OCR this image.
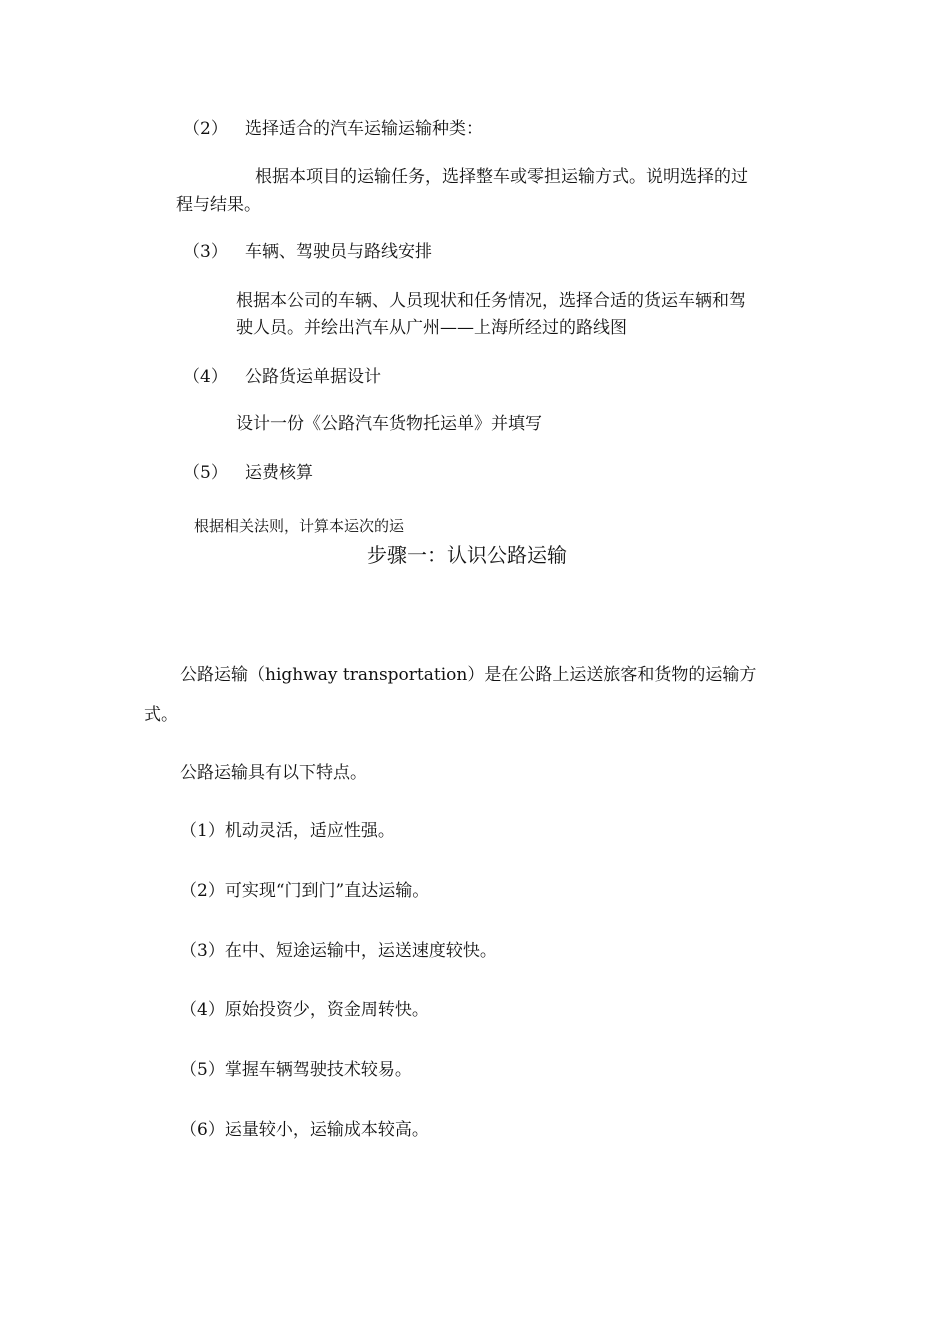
（2） 选择适合的汽车运输运输种类：
根据本项目的运输任务，选择整车或零担运输方式。说明选择的过
程与结果。
（3） 车辆、驾驶员与路线安排
根据本公司的车辆、人员现状和任务情况，选择合适的货运车辆和驾
驶人员。并绘出汽车从广州——上海所经过的路线图
（4） 公路货运单据设计
设计一份《公路汽车货物托运单》并填写
（5） 运费核算
根据相关法则，计算本运次的运
步骤一：认识公路运输
公路运输（highway transportation）是在公路上运送旅客和货物的运输方
式。
公路运输具有以下特点。
（1）机动灵活，适应性强。
（2）可实现“门到门”直达运输。
（3）在中、短途运输中，运送速度较快。
（4）原始投资少，资金周转快。
（5）掌握车辆驾驶技术较易。
（6）运量较小，运输成本较高。
